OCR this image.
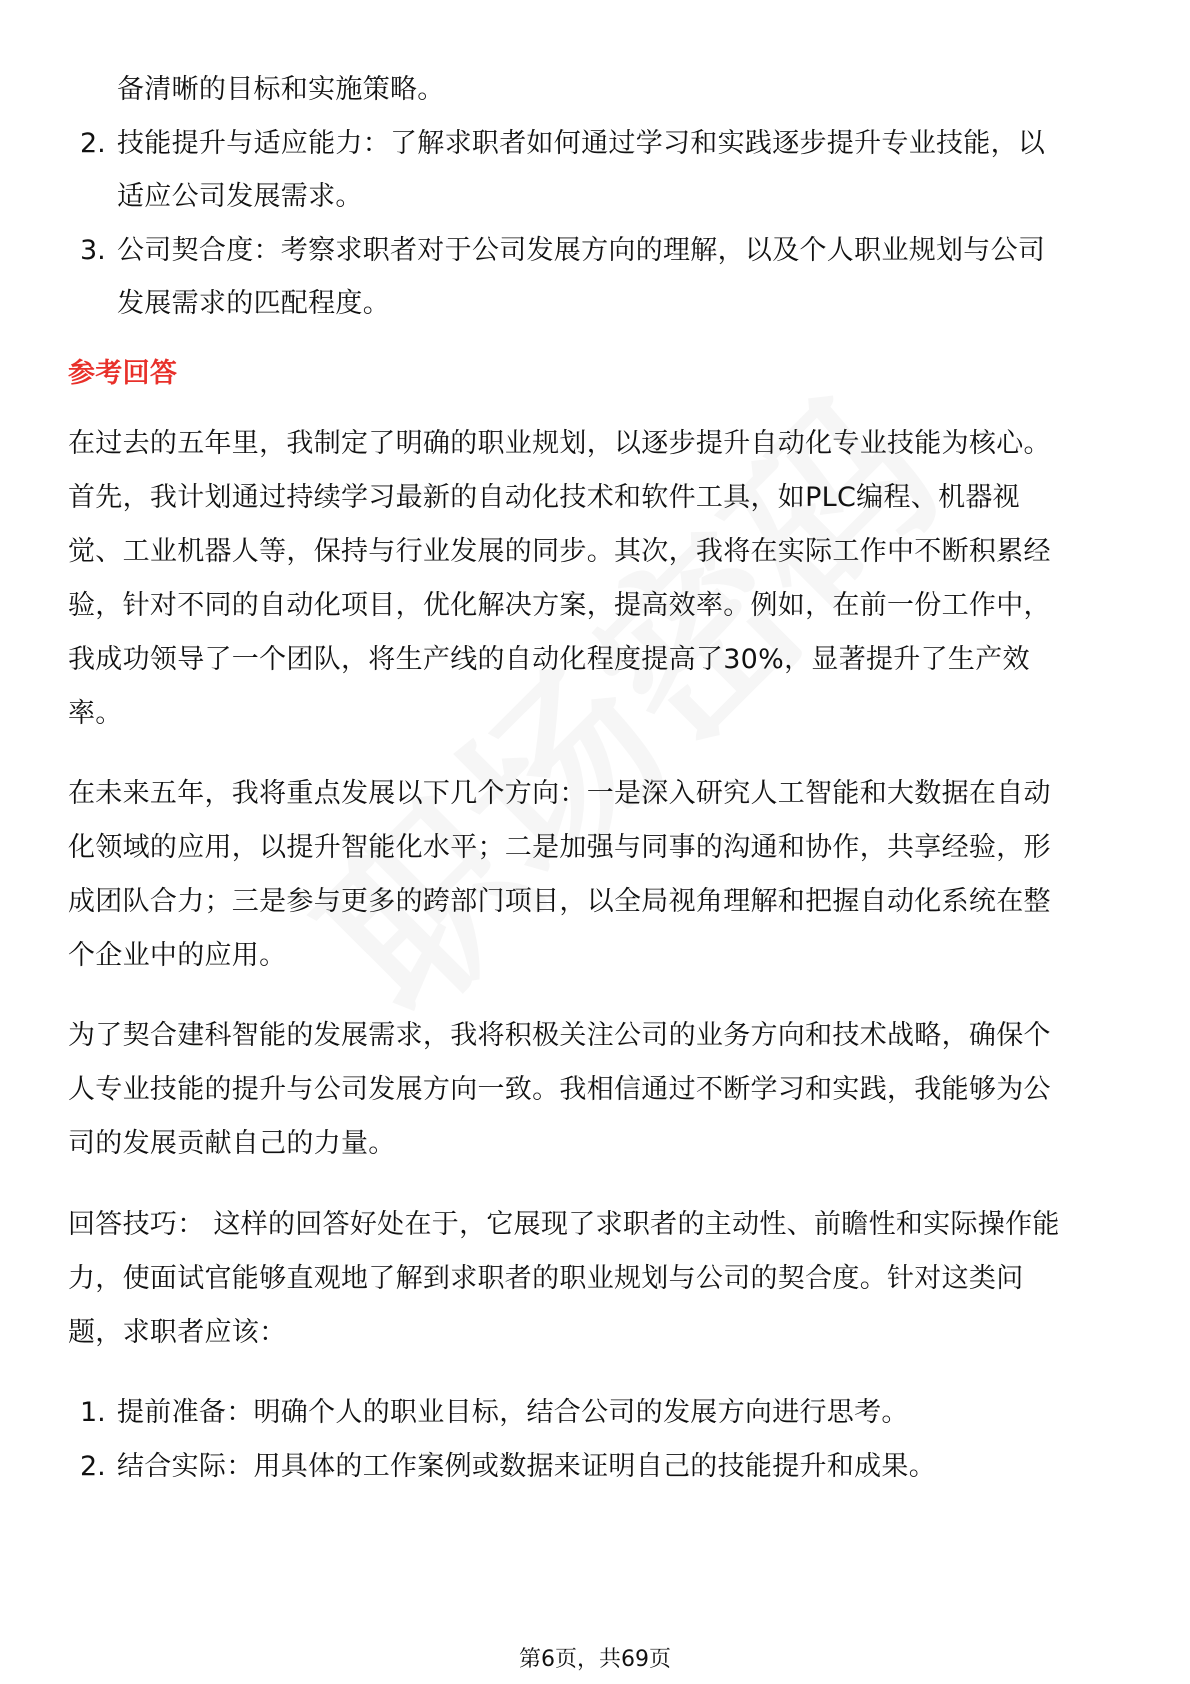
备清晰的目标和实施策略。
2. 技能提升与适应能力：了解求职者如何通过学习和实践逐步提升专业技能，以
适应公司发展需求。
3. 公司契合度：考察求职者对于公司发展方向的理解，以及个人职业规划与公司
发展需求的匹配程度。
参考回答
在过去的五年里，我制定了明确的职业规划，以逐步提升自动化专业技能为核心。
首先，我计划通过持续学习最新的自动化技术和软件工具，如PLC编程、机器视
觉、工业机器人等，保持与行业发展的同步。其次，我将在实际工作中不断积累经
验，针对不同的自动化项目，优化解决方案，提高效率。例如，在前一份工作中，
我成功领导了一个团队，将生产线的自动化程度提高了30%，显著提升了生产效
率。
在未来五年，我将重点发展以下几个方向：一是深入研究人工智能和大数据在自动
化领域的应用，以提升智能化水平；二是加强与同事的沟通和协作，共享经验，形
成团队合力；三是参与更多的跨部门项目，以全局视角理解和把握自动化系统在整
个企业中的应用。
为了契合建科智能的发展需求，我将积极关注公司的业务方向和技术战略，确保个
人专业技能的提升与公司发展方向一致。我相信通过不断学习和实践，我能够为公
司的发展贡献自己的力量。
回答技巧： 这样的回答好处在于，它展现了求职者的主动性、前瞻性和实际操作能
力，使面试官能够直观地了解到求职者的职业规划与公司的契合度。针对这类问
题，求职者应该：
1. 提前准备：明确个人的职业目标，结合公司的发展方向进行思考。
2. 结合实际：用具体的工作案例或数据来证明自己的技能提升和成果。
第6页，共69页
